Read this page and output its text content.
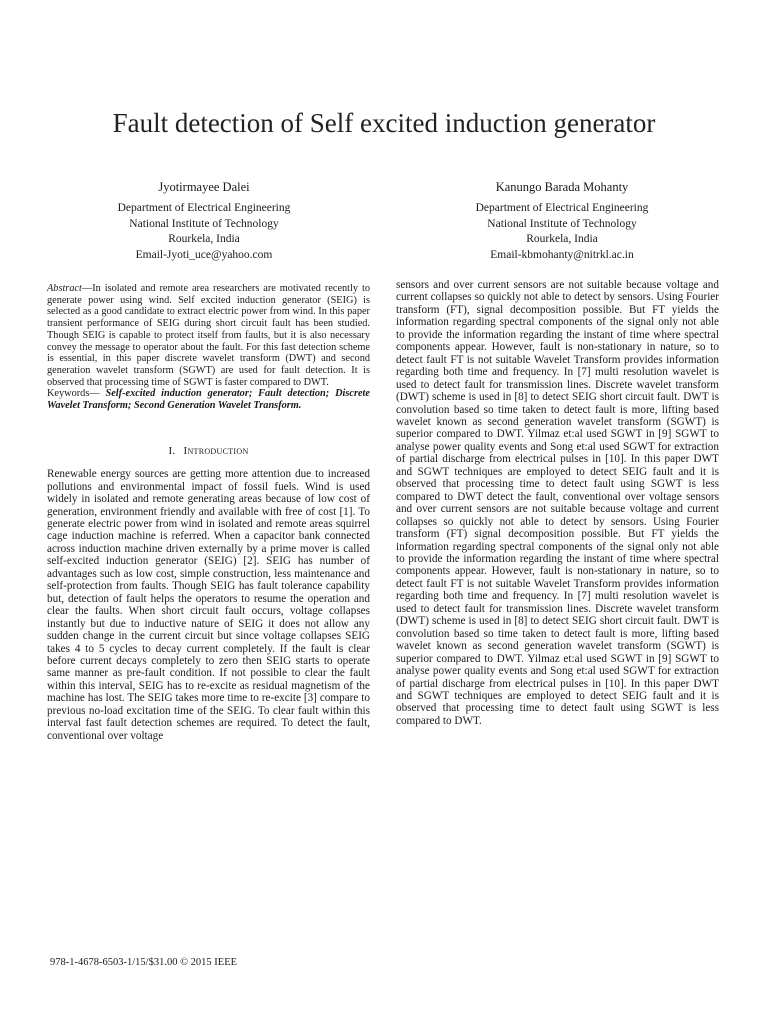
Fault detection of Self excited induction generator
Jyotirmayee Dalei
Department of Electrical Engineering
National Institute of Technology
Rourkela, India
Email-Jyoti_uce@yahoo.com
Kanungo Barada Mohanty
Department of Electrical Engineering
National Institute of Technology
Rourkela, India
Email-kbmohanty@nitrkl.ac.in

Abstract—In isolated and remote area researchers are motivated recently to generate power using wind. Self excited induction generator (SEIG) is selected as a good candidate to extract electric power from wind. In this paper transient performance of SEIG during short circuit fault has been studied. Though SEIG is capable to protect itself from faults, but it is also necessary convey the message to operator about the fault. For this fast detection scheme is essential, in this paper discrete wavelet transform (DWT) and second generation wavelet transform (SGWT) are used for fault detection. It is observed that processing time of SGWT is faster compared to DWT.

Keywords— Self-excited induction generator; Fault detection; Discrete Wavelet Transform; Second Generation Wavelet Transform.

I. Introduction

Renewable energy sources are getting more attention due to increased pollutions and environmental impact of fossil fuels. Wind is used widely in isolated and remote generating areas because of low cost of generation, environment friendly and available with free of cost [1]. To generate electric power from wind in isolated and remote areas squirrel cage induction machine is referred. When a capacitor bank connected across induction machine driven externally by a prime mover is called self-excited induction generator (SEIG) [2]. SEIG has number of advantages such as low cost, simple construction, less maintenance and self-protection from faults. Though SEIG has fault tolerance capability but, detection of fault helps the operators to resume the operation and clear the faults. When short circuit fault occurs, voltage collapses instantly but due to inductive nature of SEIG it does not allow any sudden change in the current circuit but since voltage collapses SEIG takes 4 to 5 cycles to decay current completely. If the fault is clear before current decays completely to zero then SEIG starts to operate same manner as pre-fault condition. If not possible to clear the fault within this interval, SEIG has to re-excite as residual magnetism of the machine has lost. The SEIG takes more time to re-excite [3] compare to previous no-load excitation time of the SEIG. To clear fault within this interval fast fault detection schemes are required. To detect the fault, conventional over voltage

sensors and over current sensors are not suitable because voltage and current collapses so quickly not able to detect by sensors. Using Fourier transform (FT), signal decomposition possible. But FT yields the information regarding spectral components of the signal only not able to provide the information regarding the instant of time where spectral components appear. However, fault is non-stationary in nature, so to detect fault FT is not suitable Wavelet Transform provides information regarding both time and frequency. In [7] multi resolution wavelet is used to detect fault for transmission lines. Discrete wavelet transform (DWT) scheme is used in [8] to detect SEIG short circuit fault. DWT is convolution based so time taken to detect fault is more, lifting based wavelet known as second generation wavelet transform (SGWT) is superior compared to DWT. Yilmaz et:al used SGWT in [9] SGWT to analyse power quality events and Song et:al used SGWT for extraction of partial discharge from electrical pulses in [10]. In this paper DWT and SGWT techniques are employed to detect SEIG fault and it is observed that processing time to detect fault using SGWT is less compared to DWT detect the fault, conventional over voltage sensors and over current sensors are not suitable because voltage and current collapses so quickly not able to detect by sensors. Using Fourier transform (FT) signal decomposition possible. But FT yields the information regarding spectral components of the signal only not able to provide the information regarding the instant of time where spectral components appear. However, fault is non-stationary in nature, so to detect fault FT is not suitable Wavelet Transform provides information regarding both time and frequency. In [7] multi resolution wavelet is used to detect fault for transmission lines. Discrete wavelet transform (DWT) scheme is used in [8] to detect SEIG short circuit fault. DWT is convolution based so time taken to detect fault is more, lifting based wavelet known as second generation wavelet transform (SGWT) is superior compared to DWT. Yilmaz et:al used SGWT in [9] SGWT to analyse power quality events and Song et:al used SGWT for extraction of partial discharge from electrical pulses in [10]. In this paper DWT and SGWT techniques are employed to detect SEIG fault and it is observed that processing time to detect fault using SGWT is less compared to DWT.

978-1-4678-6503-1/15/$31.00 © 2015 IEEE
